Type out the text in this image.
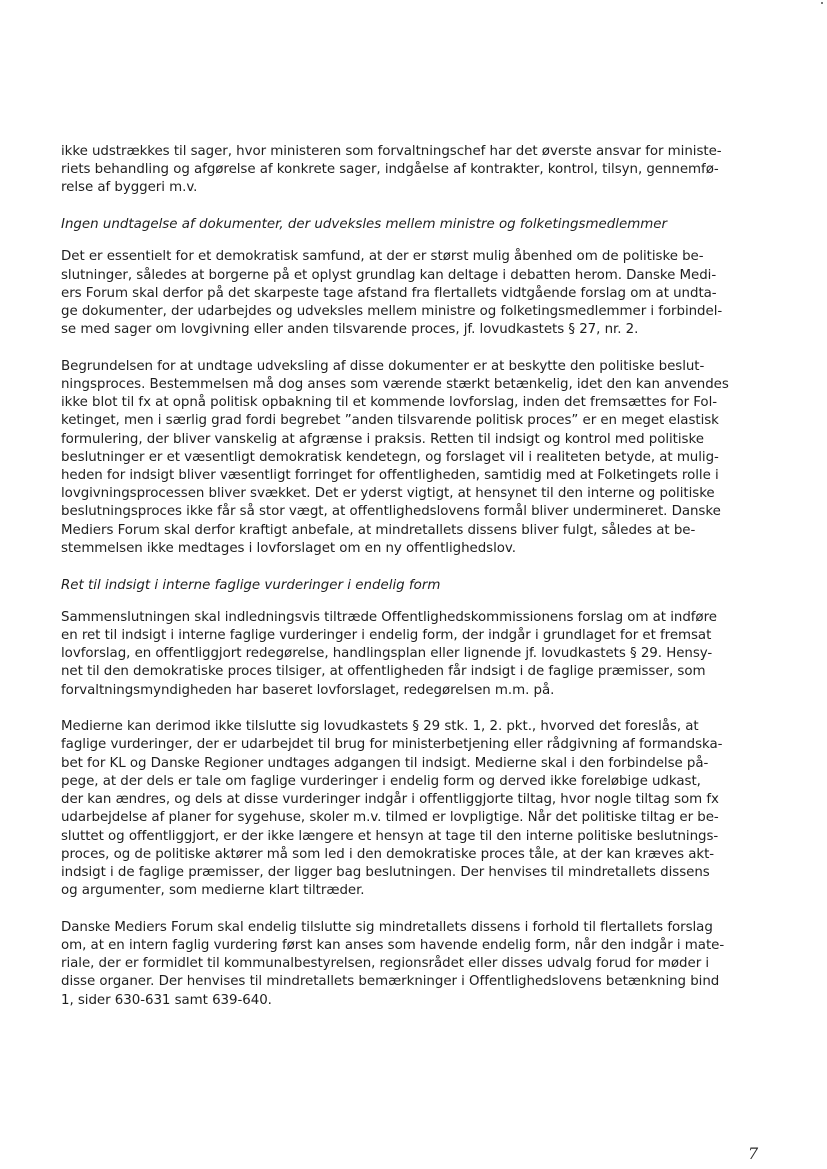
ikke udstrækkes til sager, hvor ministeren som forvaltningschef har det øverste ansvar for ministe-
riets behandling og afgørelse af konkrete sager, indgåelse af kontrakter, kontrol, tilsyn, gennemfø-
relse af byggeri m.v.

Ingen undtagelse af dokumenter, der udveksles mellem ministre og folketingsmedlemmer

Det er essentielt for et demokratisk samfund, at der er størst mulig åbenhed om de politiske be-
slutninger, således at borgerne på et oplyst grundlag kan deltage i debatten herom. Danske Medi-
ers Forum skal derfor på det skarpeste tage afstand fra flertallets vidtgående forslag om at undta-
ge dokumenter, der udarbejdes og udveksles mellem ministre og folketingsmedlemmer i forbindel-
se med sager om lovgivning eller anden tilsvarende proces, jf. lovudkastets § 27, nr. 2.

Begrundelsen for at undtage udveksling af disse dokumenter er at beskytte den politiske beslut-
ningsproces. Bestemmelsen må dog anses som værende stærkt betænkelig, idet den kan anvendes
ikke blot til fx at opnå politisk opbakning til et kommende lovforslag, inden det fremsættes for Fol-
ketinget, men i særlig grad fordi begrebet ”anden tilsvarende politisk proces” er en meget elastisk
formulering, der bliver vanskelig at afgrænse i praksis. Retten til indsigt og kontrol med politiske
beslutninger er et væsentligt demokratisk kendetegn, og forslaget vil i realiteten betyde, at mulig-
heden for indsigt bliver væsentligt forringet for offentligheden, samtidig med at Folketingets rolle i
lovgivningsprocessen bliver svækket. Det er yderst vigtigt, at hensynet til den interne og politiske
beslutningsproces ikke får så stor vægt, at offentlighedslovens formål bliver undermineret. Danske
Mediers Forum skal derfor kraftigt anbefale, at mindretallets dissens bliver fulgt, således at be-
stemmelsen ikke medtages i lovforslaget om en ny offentlighedslov.

Ret til indsigt i interne faglige vurderinger i endelig form

Sammenslutningen skal indledningsvis tiltræde Offentlighedskommissionens forslag om at indføre
en ret til indsigt i interne faglige vurderinger i endelig form, der indgår i grundlaget for et fremsat
lovforslag, en offentliggjort redegørelse, handlingsplan eller lignende jf. lovudkastets § 29. Hensy-
net til den demokratiske proces tilsiger, at offentligheden får indsigt i de faglige præmisser, som
forvaltningsmyndigheden har baseret lovforslaget, redegørelsen m.m. på.

Medierne kan derimod ikke tilslutte sig lovudkastets § 29 stk. 1, 2. pkt., hvorved det foreslås, at
faglige vurderinger, der er udarbejdet til brug for ministerbetjening eller rådgivning af formandska-
bet for KL og Danske Regioner undtages adgangen til indsigt. Medierne skal i den forbindelse på-
pege, at der dels er tale om faglige vurderinger i endelig form og derved ikke foreløbige udkast,
der kan ændres, og dels at disse vurderinger indgår i offentliggjorte tiltag, hvor nogle tiltag som fx
udarbejdelse af planer for sygehuse, skoler m.v. tilmed er lovpligtige. Når det politiske tiltag er be-
sluttet og offentliggjort, er der ikke længere et hensyn at tage til den interne politiske beslutnings-
proces, og de politiske aktører må som led i den demokratiske proces tåle, at der kan kræves akt-
indsigt i de faglige præmisser, der ligger bag beslutningen. Der henvises til mindretallets dissens
og argumenter, som medierne klart tiltræder.

Danske Mediers Forum skal endelig tilslutte sig mindretallets dissens i forhold til flertallets forslag
om, at en intern faglig vurdering først kan anses som havende endelig form, når den indgår i mate-
riale, der er formidlet til kommunalbestyrelsen, regionsrådet eller disses udvalg forud for møder i
disse organer. Der henvises til mindretallets bemærkninger i Offentlighedslovens betænkning bind
1, sider 630-631 samt 639-640.

7
